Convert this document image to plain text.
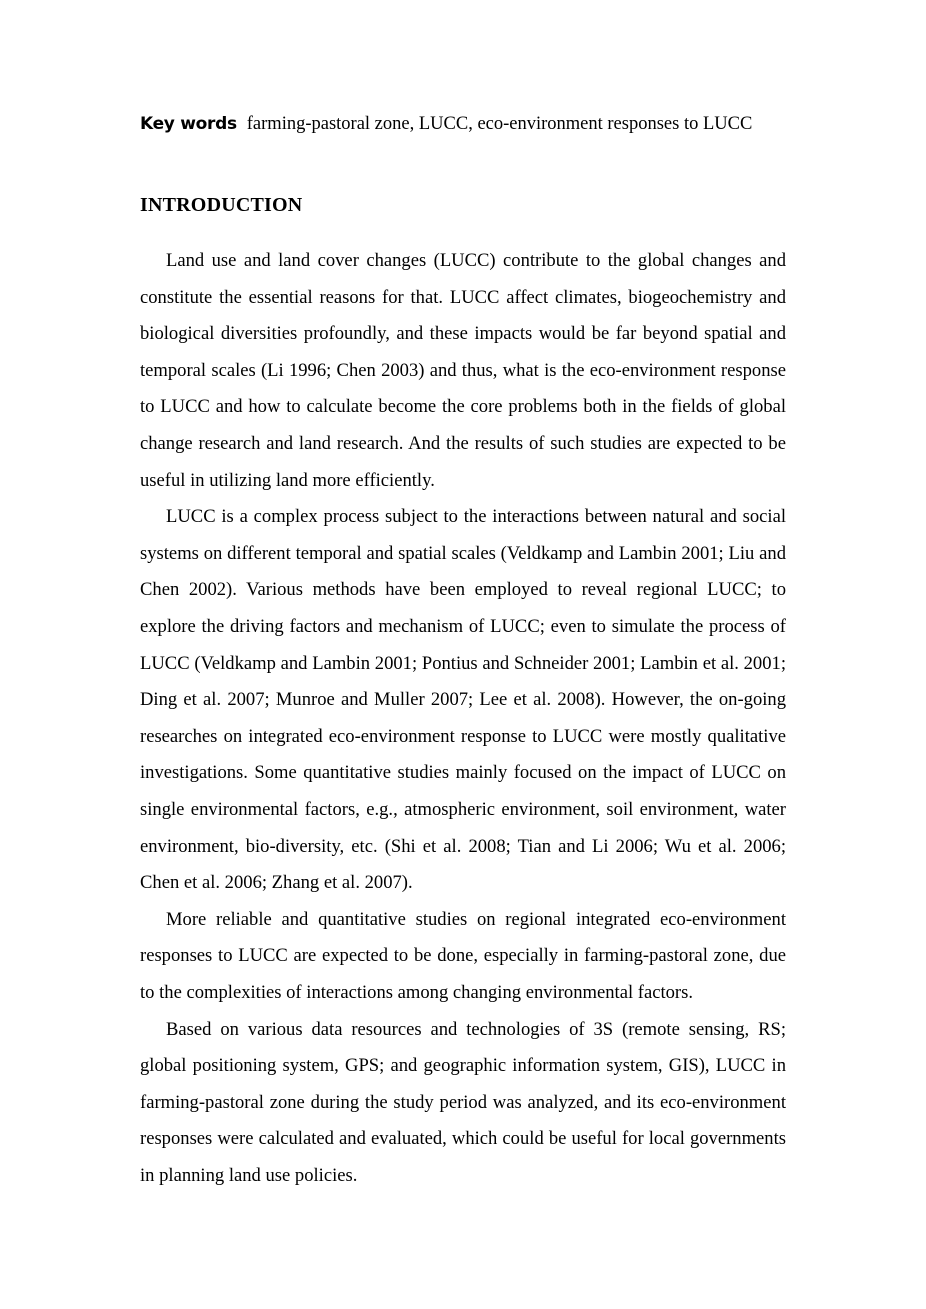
Key words farming-pastoral zone, LUCC, eco-environment responses to LUCC
INTRODUCTION

Land use and land cover changes (LUCC) contribute to the global changes and constitute the essential reasons for that. LUCC affect climates, biogeochemistry and biological diversities profoundly, and these impacts would be far beyond spatial and temporal scales (Li 1996; Chen 2003) and thus, what is the eco-environment response to LUCC and how to calculate become the core problems both in the fields of global change research and land research. And the results of such studies are expected to be useful in utilizing land more efficiently.

LUCC is a complex process subject to the interactions between natural and social systems on different temporal and spatial scales (Veldkamp and Lambin 2001; Liu and Chen 2002). Various methods have been employed to reveal regional LUCC; to explore the driving factors and mechanism of LUCC; even to simulate the process of LUCC (Veldkamp and Lambin 2001; Pontius and Schneider 2001; Lambin et al. 2001; Ding et al. 2007; Munroe and Muller 2007; Lee et al. 2008). However, the on-going researches on integrated eco-environment response to LUCC were mostly qualitative investigations. Some quantitative studies mainly focused on the impact of LUCC on single environmental factors, e.g., atmospheric environment, soil environment, water environment, bio-diversity, etc. (Shi et al. 2008; Tian and Li 2006; Wu et al. 2006; Chen et al. 2006; Zhang et al. 2007).

More reliable and quantitative studies on regional integrated eco-environment responses to LUCC are expected to be done, especially in farming-pastoral zone, due to the complexities of interactions among changing environmental factors.

Based on various data resources and technologies of 3S (remote sensing, RS; global positioning system, GPS; and geographic information system, GIS), LUCC in farming-pastoral zone during the study period was analyzed, and its eco-environment responses were calculated and evaluated, which could be useful for local governments in planning land use policies.
